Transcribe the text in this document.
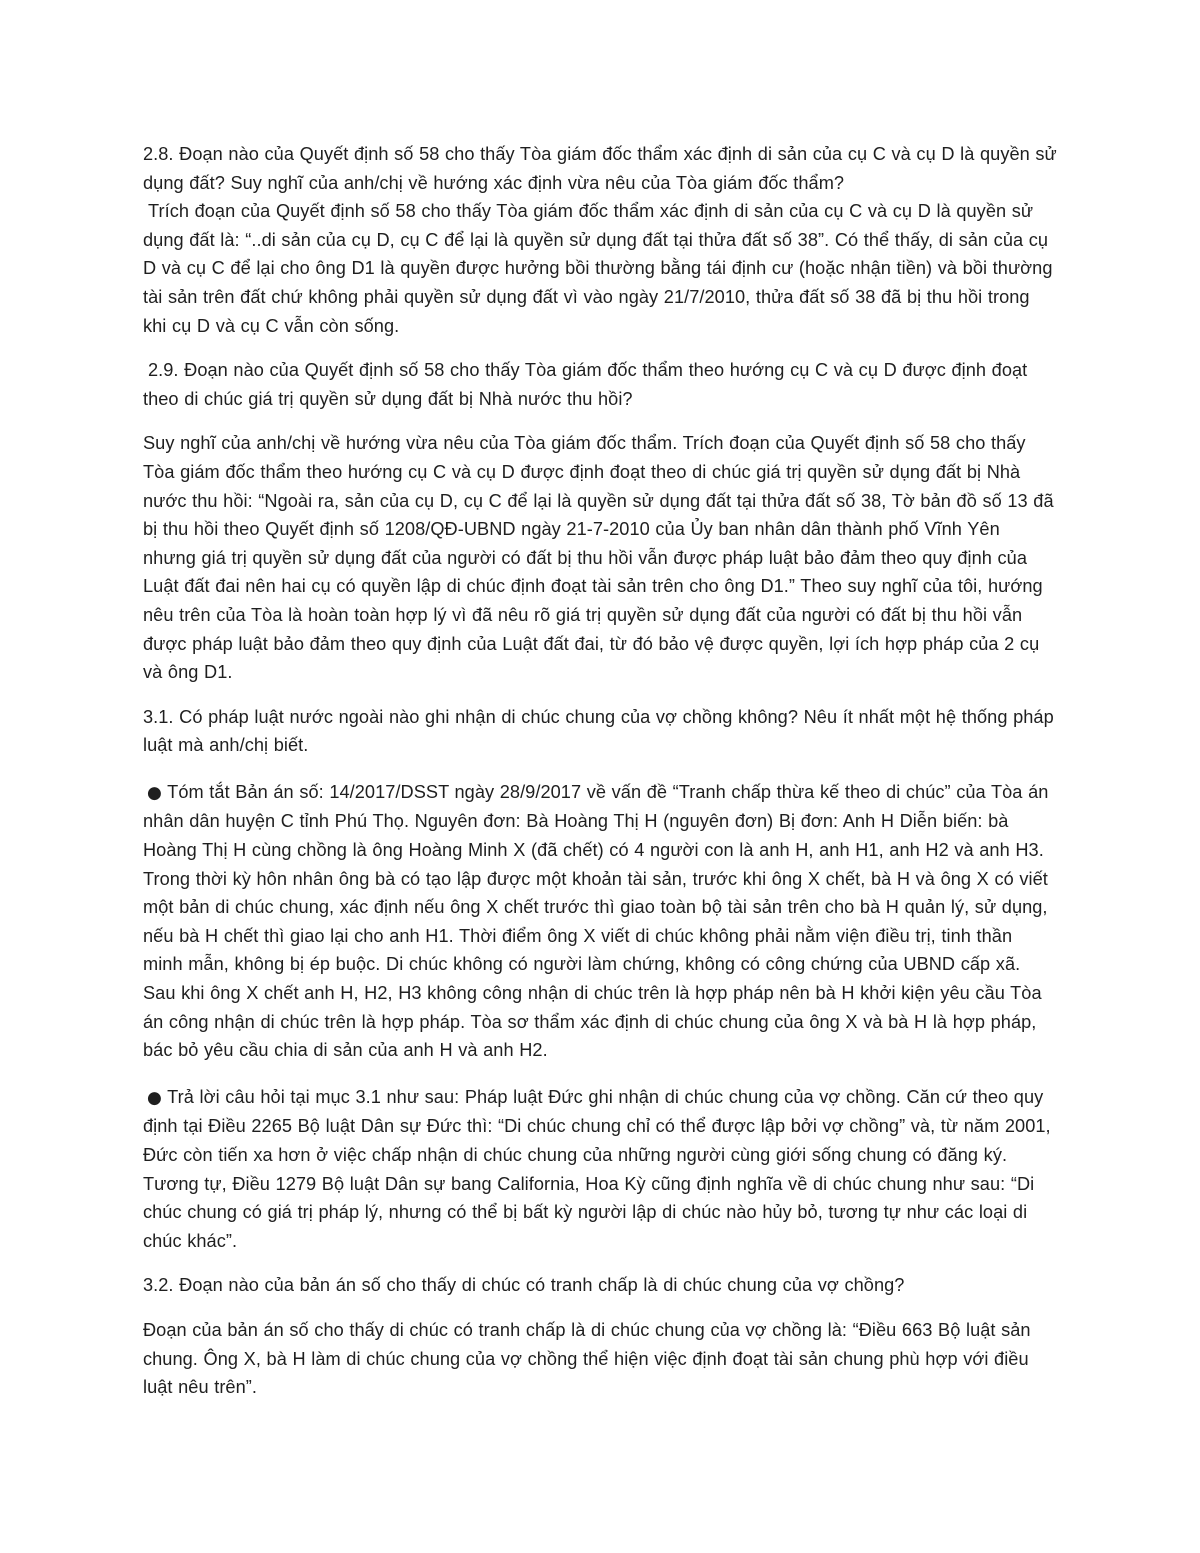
2.8. Đoạn nào của Quyết định số 58 cho thấy Tòa giám đốc thẩm xác định di sản của cụ C và cụ D là quyền sử dụng đất? Suy nghĩ của anh/chị về hướng xác định vừa nêu của Tòa giám đốc thẩm?

Trích đoạn của Quyết định số 58 cho thấy Tòa giám đốc thẩm xác định di sản của cụ C và cụ D là quyền sử dụng đất là: “..di sản của cụ D, cụ C để lại là quyền sử dụng đất tại thửa đất số 38”. Có thể thấy, di sản của cụ D và cụ C để lại cho ông D1 là quyền được hưởng bồi thường bằng tái định cư (hoặc nhận tiền) và bồi thường tài sản trên đất chứ không phải quyền sử dụng đất vì vào ngày 21/7/2010, thửa đất số 38 đã bị thu hồi trong khi cụ D và cụ C vẫn còn sống.

2.9. Đoạn nào của Quyết định số 58 cho thấy Tòa giám đốc thẩm theo hướng cụ C và cụ D được định đoạt theo di chúc giá trị quyền sử dụng đất bị Nhà nước thu hồi?

Suy nghĩ của anh/chị về hướng vừa nêu của Tòa giám đốc thẩm. Trích đoạn của Quyết định số 58 cho thấy Tòa giám đốc thẩm theo hướng cụ C và cụ D được định đoạt theo di chúc giá trị quyền sử dụng đất bị Nhà nước thu hồi: “Ngoài ra, sản của cụ D, cụ C để lại là quyền sử dụng đất tại thửa đất số 38, Tờ bản đồ số 13 đã bị thu hồi theo Quyết định số 1208/QĐ-UBND ngày 21-7-2010 của Ủy ban nhân dân thành phố Vĩnh Yên nhưng giá trị quyền sử dụng đất của người có đất bị thu hồi vẫn được pháp luật bảo đảm theo quy định của Luật đất đai nên hai cụ có quyền lập di chúc định đoạt tài sản trên cho ông D1.” Theo suy nghĩ của tôi, hướng nêu trên của Tòa là hoàn toàn hợp lý vì đã nêu rõ giá trị quyền sử dụng đất của người có đất bị thu hồi vẫn được pháp luật bảo đảm theo quy định của Luật đất đai, từ đó bảo vệ được quyền, lợi ích hợp pháp của 2 cụ và ông D1.

3.1. Có pháp luật nước ngoài nào ghi nhận di chúc chung của vợ chồng không? Nêu ít nhất một hệ thống pháp luật mà anh/chị biết.

● Tóm tắt Bản án số: 14/2017/DSST ngày 28/9/2017 về vấn đề “Tranh chấp thừa kế theo di chúc” của Tòa án nhân dân huyện C tỉnh Phú Thọ. Nguyên đơn: Bà Hoàng Thị H (nguyên đơn) Bị đơn: Anh H Diễn biến: bà Hoàng Thị H cùng chồng là ông Hoàng Minh X (đã chết) có 4 người con là anh H, anh H1, anh H2 và anh H3. Trong thời kỳ hôn nhân ông bà có tạo lập được một khoản tài sản, trước khi ông X chết, bà H và ông X có viết một bản di chúc chung, xác định nếu ông X chết trước thì giao toàn bộ tài sản trên cho bà H quản lý, sử dụng, nếu bà H chết thì giao lại cho anh H1. Thời điểm ông X viết di chúc không phải nằm viện điều trị, tinh thần minh mẫn, không bị ép buộc. Di chúc không có người làm chứng, không có công chứng của UBND cấp xã. Sau khi ông X chết anh H, H2, H3 không công nhận di chúc trên là hợp pháp nên bà H khởi kiện yêu cầu Tòa án công nhận di chúc trên là hợp pháp. Tòa sơ thẩm xác định di chúc chung của ông X và bà H là hợp pháp, bác bỏ yêu cầu chia di sản của anh H và anh H2.

● Trả lời câu hỏi tại mục 3.1 như sau: Pháp luật Đức ghi nhận di chúc chung của vợ chồng. Căn cứ theo quy định tại Điều 2265 Bộ luật Dân sự Đức thì: “Di chúc chung chỉ có thể được lập bởi vợ chồng” và, từ năm 2001, Đức còn tiến xa hơn ở việc chấp nhận di chúc chung của những người cùng giới sống chung có đăng ký. Tương tự, Điều 1279 Bộ luật Dân sự bang California, Hoa Kỳ cũng định nghĩa về di chúc chung như sau: “Di chúc chung có giá trị pháp lý, nhưng có thể bị bất kỳ người lập di chúc nào hủy bỏ, tương tự như các loại di chúc khác”.

3.2. Đoạn nào của bản án số cho thấy di chúc có tranh chấp là di chúc chung của vợ chồng?

Đoạn của bản án số cho thấy di chúc có tranh chấp là di chúc chung của vợ chồng là: “Điều 663 Bộ luật sản chung. Ông X, bà H làm di chúc chung của vợ chồng thể hiện việc định đoạt tài sản chung phù hợp với điều luật nêu trên”.
